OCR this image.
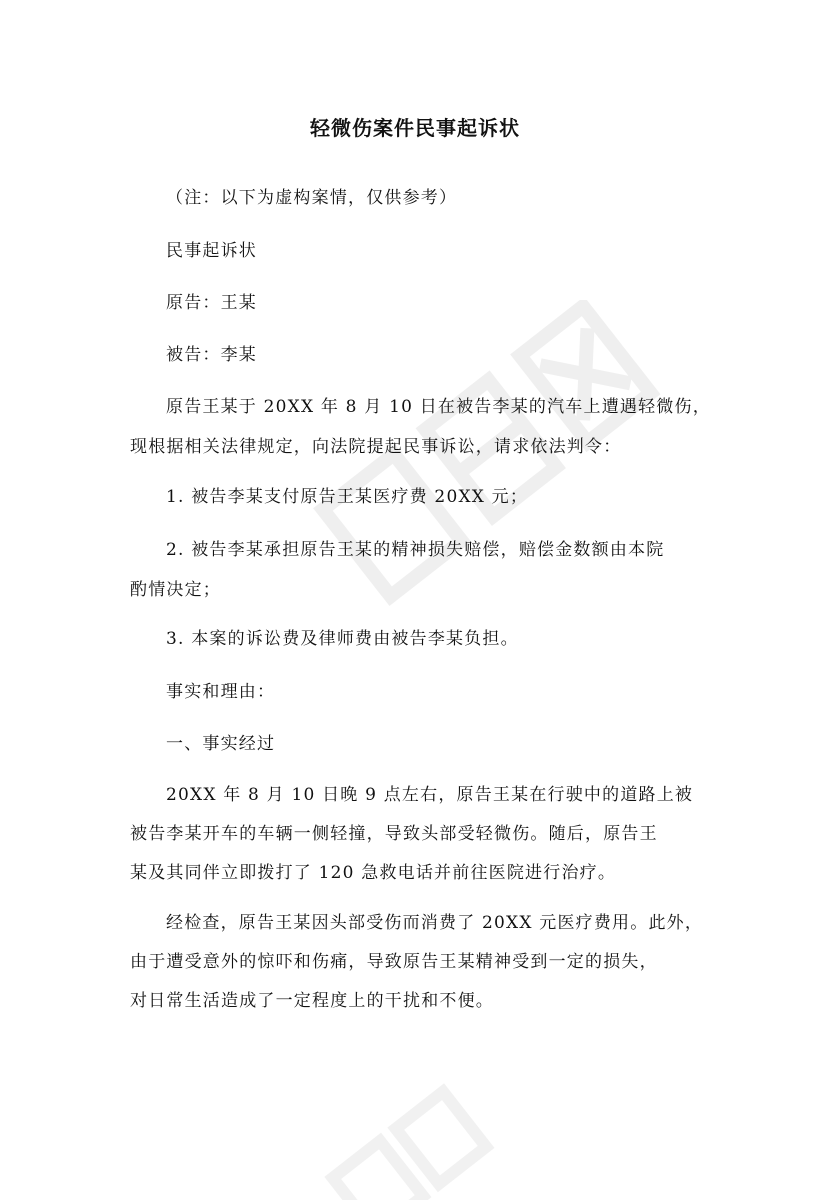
轻微伤案件民事起诉状
（注：以下为虚构案情，仅供参考）
民事起诉状
原告：王某
被告：李某
原告王某于 20XX 年 8 月 10 日在被告李某的汽车上遭遇轻微伤，
现根据相关法律规定，向法院提起民事诉讼，请求依法判令：
1. 被告李某支付原告王某医疗费 20XX 元；
2. 被告李某承担原告王某的精神损失赔偿，赔偿金数额由本院
酌情决定；
3. 本案的诉讼费及律师费由被告李某负担。
事实和理由：
一、事实经过
20XX 年 8 月 10 日晚 9 点左右，原告王某在行驶中的道路上被
被告李某开车的车辆一侧轻撞，导致头部受轻微伤。随后，原告王
某及其同伴立即拨打了 120 急救电话并前往医院进行治疗。
经检查，原告王某因头部受伤而消费了 20XX 元医疗费用。此外，
由于遭受意外的惊吓和伤痛，导致原告王某精神受到一定的损失，
对日常生活造成了一定程度上的干扰和不便。
